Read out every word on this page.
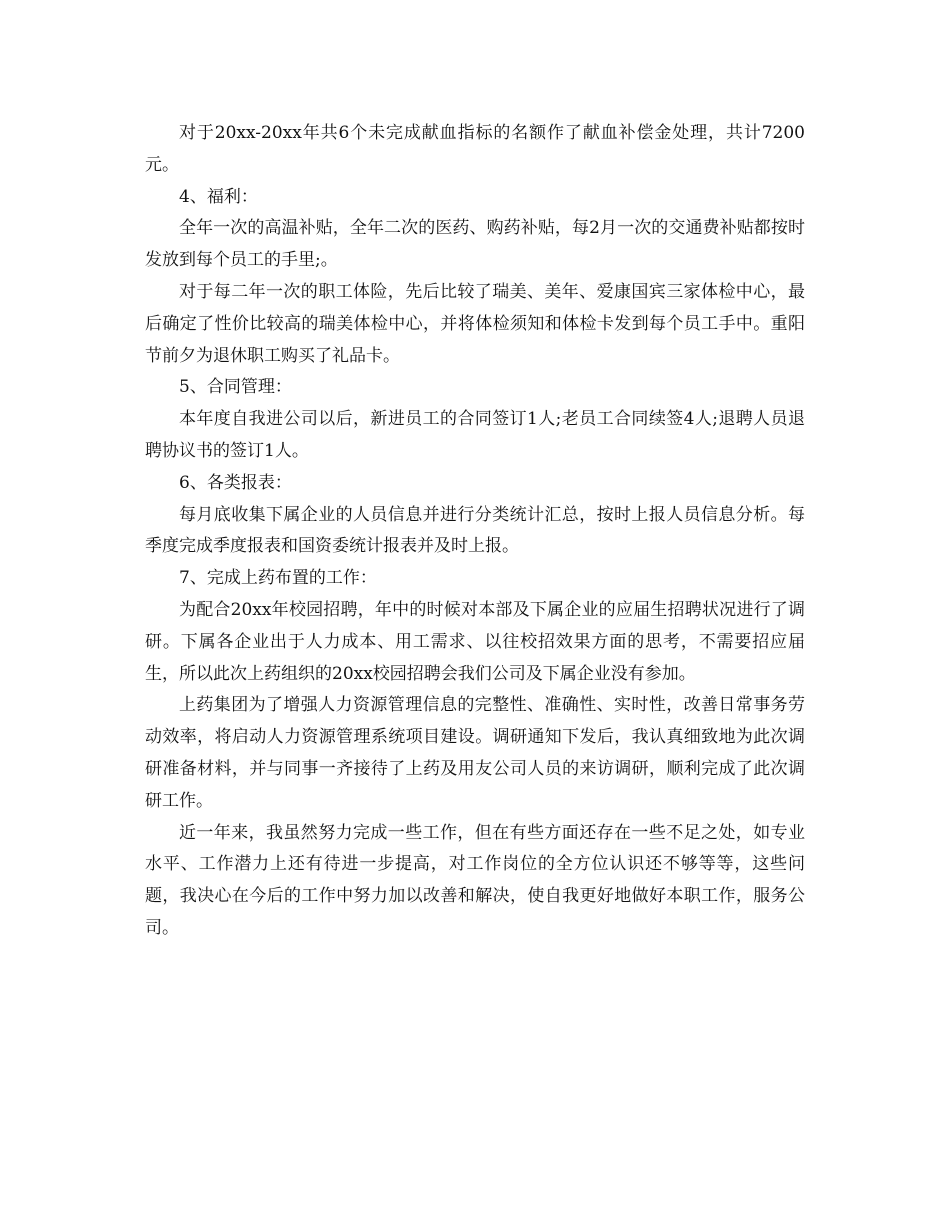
对于20xx-20xx年共6个未完成献血指标的名额作了献血补偿金处理，共计7200元。

4、福利：

全年一次的高温补贴，全年二次的医药、购药补贴，每2月一次的交通费补贴都按时发放到每个员工的手里;。

对于每二年一次的职工体险，先后比较了瑞美、美年、爱康国宾三家体检中心，最后确定了性价比较高的瑞美体检中心，并将体检须知和体检卡发到每个员工手中。重阳节前夕为退休职工购买了礼品卡。

5、合同管理：

本年度自我进公司以后，新进员工的合同签订1人;老员工合同续签4人;退聘人员退聘协议书的签订1人。

6、各类报表：

每月底收集下属企业的人员信息并进行分类统计汇总，按时上报人员信息分析。每季度完成季度报表和国资委统计报表并及时上报。

7、完成上药布置的工作：

为配合20xx年校园招聘，年中的时候对本部及下属企业的应届生招聘状况进行了调研。下属各企业出于人力成本、用工需求、以往校招效果方面的思考，不需要招应届生，所以此次上药组织的20xx校园招聘会我们公司及下属企业没有参加。

上药集团为了增强人力资源管理信息的完整性、准确性、实时性，改善日常事务劳动效率，将启动人力资源管理系统项目建设。调研通知下发后，我认真细致地为此次调研准备材料，并与同事一齐接待了上药及用友公司人员的来访调研，顺利完成了此次调研工作。

近一年来，我虽然努力完成一些工作，但在有些方面还存在一些不足之处，如专业水平、工作潜力上还有待进一步提高，对工作岗位的全方位认识还不够等等，这些问题，我决心在今后的工作中努力加以改善和解决，使自我更好地做好本职工作，服务公司。
